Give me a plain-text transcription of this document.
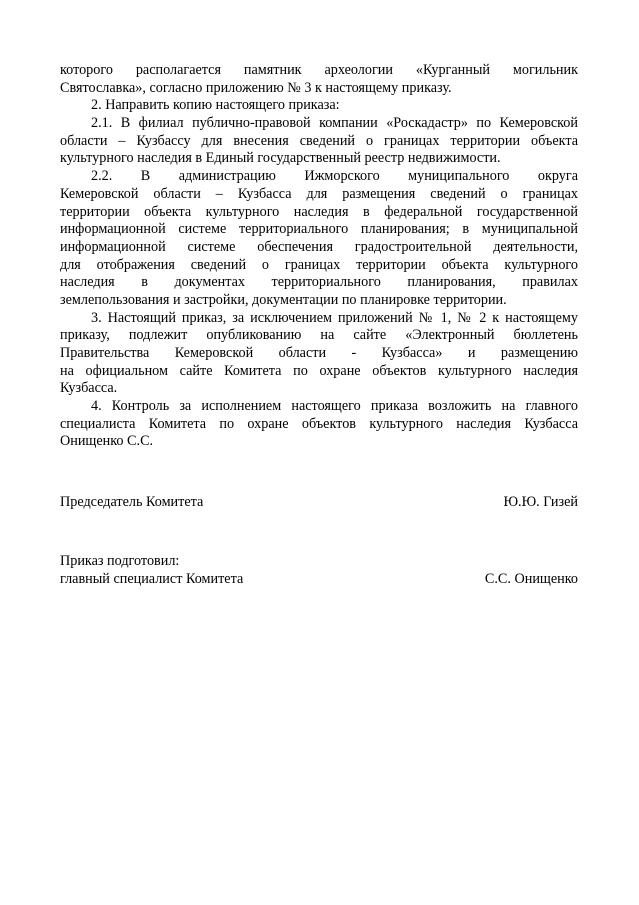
которого располагается памятник археологии «Курганный могильник
Святославка», согласно приложению № 3 к настоящему приказу.
2. Направить копию настоящего приказа:
2.1. В филиал публично-правовой компании «Роскадастр» по Кемеровской
области – Кузбассу для внесения сведений о границах территории объекта
культурного наследия в Единый государственный реестр недвижимости.
2.2. В администрацию Ижморского муниципального округа
Кемеровской области – Кузбасса для размещения сведений о границах
территории объекта культурного наследия в федеральной государственной
информационной системе территориального планирования; в муниципальной
информационной системе обеспечения градостроительной деятельности,
для отображения сведений о границах территории объекта культурного
наследия в документах территориального планирования, правилах
землепользования и застройки, документации по планировке территории.
3. Настоящий приказ, за исключением приложений № 1, № 2 к настоящему
приказу, подлежит опубликованию на сайте «Электронный бюллетень
Правительства Кемеровской области - Кузбасса» и размещению
на официальном сайте Комитета по охране объектов культурного наследия
Кузбасса.
4. Контроль за исполнением настоящего приказа возложить на главного
специалиста Комитета по охране объектов культурного наследия Кузбасса
Онищенко С.С.
Председатель Комитета	Ю.Ю. Гизей
Приказ подготовил:
главный специалист Комитета	С.С. Онищенко
